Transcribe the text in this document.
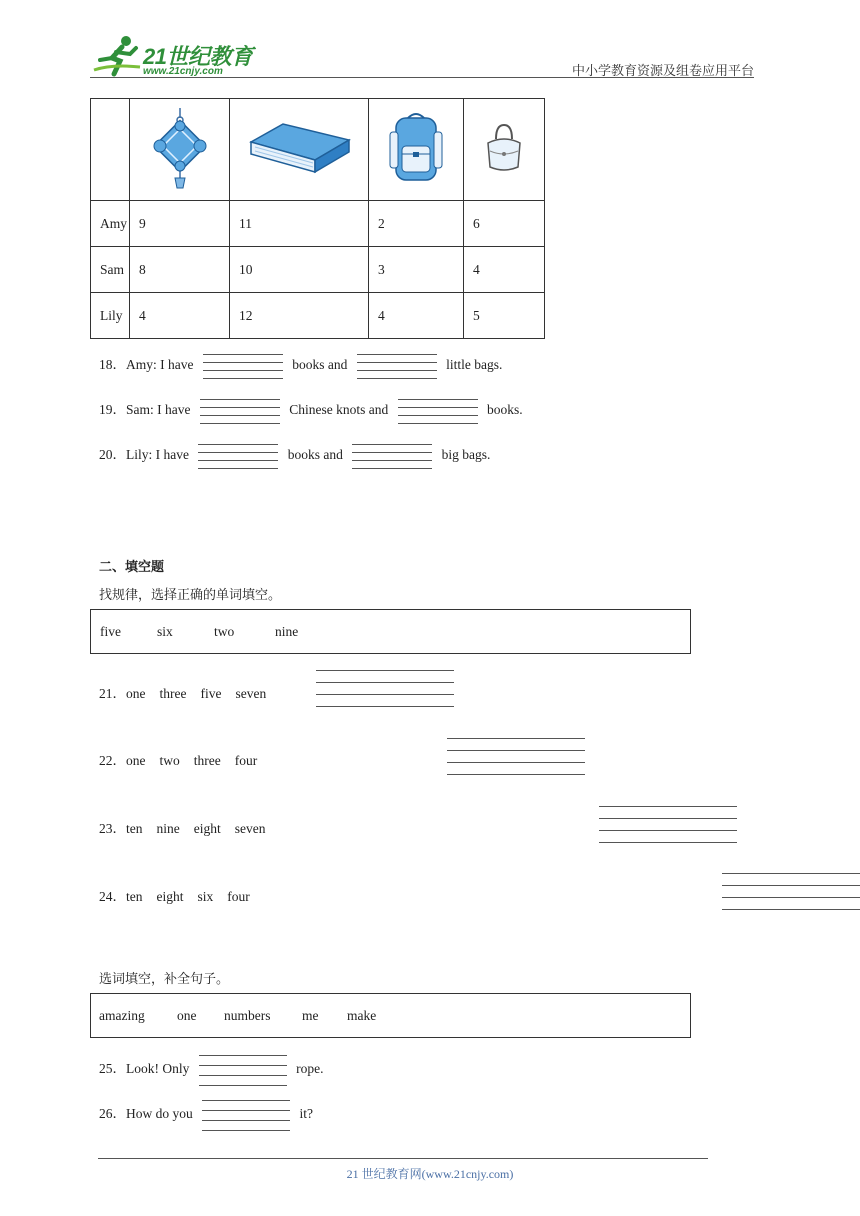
21世纪教育
www.21cnjy.com	中小学教育资源及组卷应用平台

Amy	9	11	2	6
Sam	8	10	3	4
Lily	4	12	4	5
18．Amy: I have	books and	little bags.
19．Sam: I have	Chinese knots and	books.
20．Lily: I have	books and	big bags.
二、填空题
找规律，选择正确的单词填空。
five	six	two	nine
21．one three five seven

22．one two three four

23．ten nine eight seven

24．ten eight six four
选词填空，补全句子。
amazing one numbers me make
25．Look! Only	rope.
26．How do you	it?
21 世纪教育网(www.21cnjy.com)
